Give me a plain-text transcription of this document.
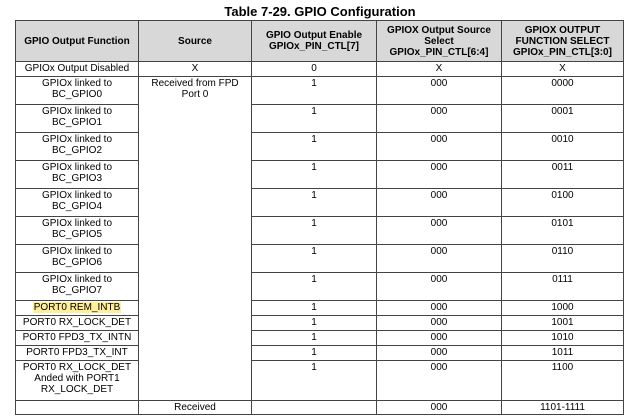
Table 7-29. GPIO Configuration
GPIO Output Function	Source	GPIO Output Enable GPIOx_PIN_CTL[7]	GPIOX Output Source Select GPIOx_PIN_CTL[6:4]	GPIOX OUTPUT FUNCTION SELECT GPIOx_PIN_CTL[3:0]
GPIOx Output Disabled	X	0	X	X
GPIOx linked to BC_GPIO0	Received from FPD Port 0	1	000	0000
GPIOx linked to BC_GPIO1		1	000	0001
GPIOx linked to BC_GPIO2		1	000	0010
GPIOx linked to BC_GPIO3		1	000	0011
GPIOx linked to BC_GPIO4		1	000	0100
GPIOx linked to BC_GPIO5		1	000	0101
GPIOx linked to BC_GPIO6		1	000	0110
GPIOx linked to BC_GPIO7		1	000	0111
PORT0 REM_INTB		1	000	1000
PORT0 RX_LOCK_DET		1	000	1001
PORT0 FPD3_TX_INTN		1	000	1010
PORT0 FPD3_TX_INT		1	000	1011
PORT0 RX_LOCK_DET Anded with PORT1 RX_LOCK_DET		1	000	1100
	Received		000	1101-1111
